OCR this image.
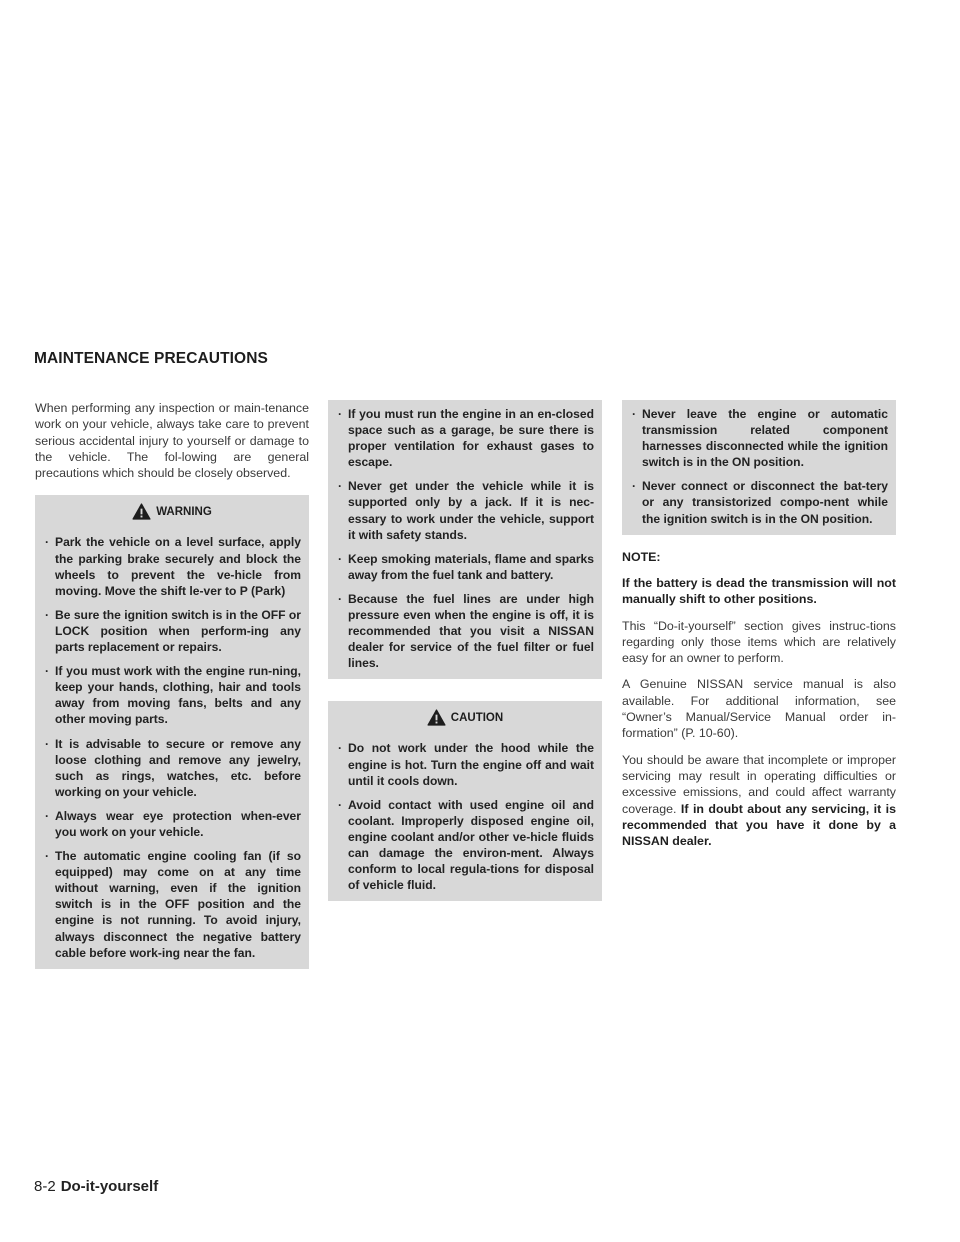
MAINTENANCE PRECAUTIONS

When performing any inspection or main-tenance work on your vehicle, always take care to prevent serious accidental injury to yourself or damage to the vehicle. The fol-lowing are general precautions which should be closely observed.

WARNING
· Park the vehicle on a level surface, apply the parking brake securely and block the wheels to prevent the ve-hicle from moving. Move the shift le-ver to P (Park)
· Be sure the ignition switch is in the OFF or LOCK position when perform-ing any parts replacement or repairs.
· If you must work with the engine run-ning, keep your hands, clothing, hair and tools away from moving fans, belts and any other moving parts.
· It is advisable to secure or remove any loose clothing and remove any jewelry, such as rings, watches, etc. before working on your vehicle.
· Always wear eye protection when-ever you work on your vehicle.
· The automatic engine cooling fan (if so equipped) may come on at any time without warning, even if the ignition switch is in the OFF position and the engine is not running. To avoid injury, always disconnect the negative battery cable before work-ing near the fan.
· If you must run the engine in an en-closed space such as a garage, be sure there is proper ventilation for exhaust gases to escape.
· Never get under the vehicle while it is supported only by a jack. If it is nec-essary to work under the vehicle, support it with safety stands.
· Keep smoking materials, flame and sparks away from the fuel tank and battery.
· Because the fuel lines are under high pressure even when the engine is off, it is recommended that you visit a NISSAN dealer for service of the fuel filter or fuel lines.
CAUTION
· Do not work under the hood while the engine is hot. Turn the engine off and wait until it cools down.
· Avoid contact with used engine oil and coolant. Improperly disposed engine oil, engine coolant and/or other ve-hicle fluids can damage the environ-ment. Always conform to local regula-tions for disposal of vehicle fluid.
· Never leave the engine or automatic transmission related component harnesses disconnected while the ignition switch is in the ON position.
· Never connect or disconnect the bat-tery or any transistorized compo-nent while the ignition switch is in the ON position.

NOTE:

If the battery is dead the transmission will not manually shift to other positions.

This “Do-it-yourself” section gives instruc-tions regarding only those items which are relatively easy for an owner to perform.

A Genuine NISSAN service manual is also available. For additional information, see “Owner’s Manual/Service Manual order in-formation” (P. 10-60).

You should be aware that incomplete or improper servicing may result in operating difficulties or excessive emissions, and could affect warranty coverage. If in doubt about any servicing, it is recommended that you have it done by a NISSAN dealer.

8-2 Do-it-yourself
